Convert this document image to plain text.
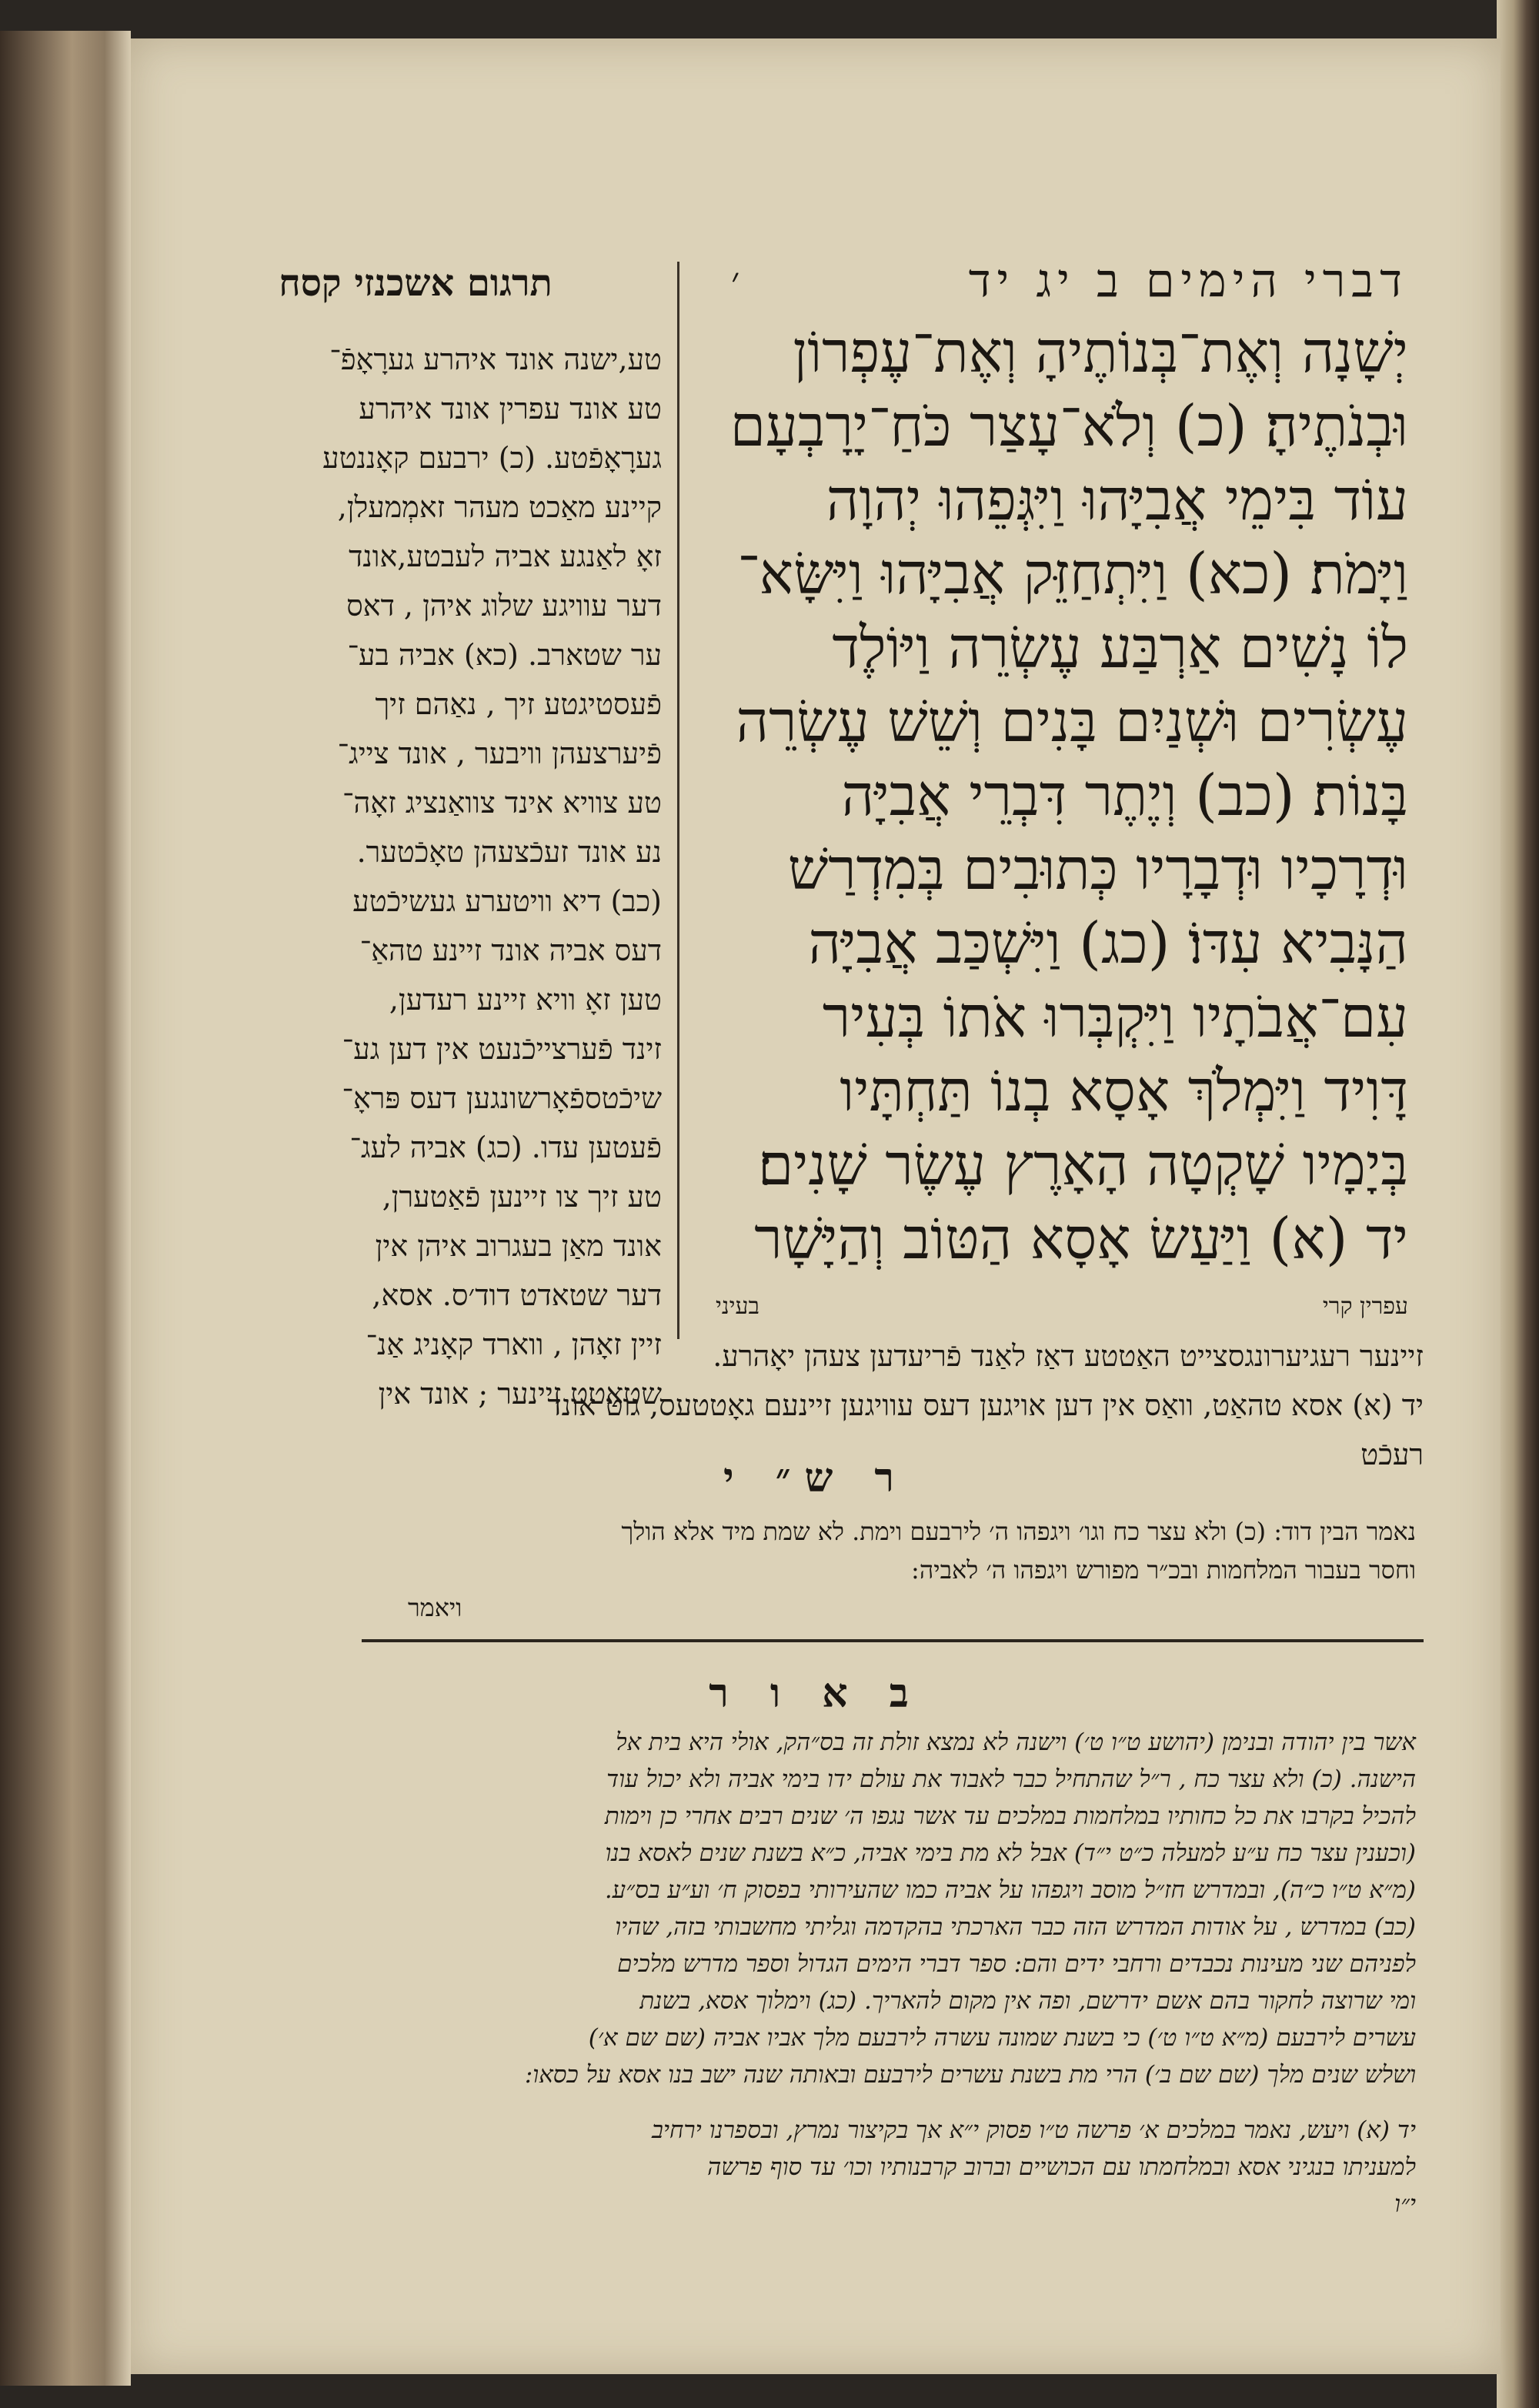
דברי הימים ב יג יד
׳
תרגום אשכנזי קסח
יְשָׁנָה וְאֶת־בְּנוֹתֶיהָ וְאֶת־עֶפְרוֹן
וּבְנֹתֶיהָ׃ (כ) וְלֹא־עָצַר כֹּחַ־יָרָבְעָם
עוֹד בִּימֵי אֲבִיָּהוּ וַיִּגְּפֵהוּ יְהוָה
וַיָּמֹת׃ (כא) וַיִּתְחַזֵּק אֲבִיָּהוּ וַיִּשָּׂא־
לוֹ נָשִׁים אַרְבַּע עֶשְׂרֵה וַיּוֹלֶד
עֶשְׂרִים וּשְׁנַיִם בָּנִים וְשֵׁשׁ עֶשְׂרֵה
בָּנוֹת׃ (כב) וְיֶתֶר דִּבְרֵי אֲבִיָּה
וּדְרָכָיו וּדְבָרָיו כְּתוּבִים בְּמִדְרַשׁ
הַנָּבִיא עִדּוֹ׃ (כג) וַיִּשְׁכַּב אֲבִיָּה
עִם־אֲבֹתָיו וַיִּקְבְּרוּ אֹתוֹ בְּעִיר
דָּוִיד וַיִּמְלֹךְ אָסָא בְנוֹ תַּחְתָּיו
בְּיָמָיו שָׁקְטָה הָאָרֶץ עֶשֶׂר שָׁנִים׃
יד (א) וַיַּעַשׂ אָסָא הַטּוֹב וְהַיָּשָׁר
עפרין קרי
בעיני
טע,ישנה אונד איהרע גערָאָפֿ־
טע אונד עפרין אונד איהרע
גערָאָפֿטע. (כ) ירבעם קאָננטע
קיינע מאַכט מעהר זאמְמעלן,
זאָ לאַנגע אביה לעבטע,אונד
דער עוויגע שלוג איהן , דאס
ער שטארב. (כא) אביה בע־
פֿעסטיגטע זיך , נאַהם זיך
פֿיערצעהן וויבער , אונד צייג־
טע צוויא אינד צוואַנציג זאָה־
נע אונד זעכֿצעהן טאָכֿטער.
(כב) דיא וויטערע געשיכֿטע
דעס אביה אונד זיינע טהאַ־
טען זאָ וויא זיינע רעדען,
זינד פֿערצייכֿנעט אין דען גע־
שיכֿטספֿאָרשונגען דעס פּראָ־
פֿעטען עדו. (כג) אביה לעג־
טע זיך צו זיינען פֿאַטערן,
אונד מאַן בעגרוב איהן אין
דער שטאדט דוד׳ס. אסא,
זיין זאָהן , ווארד קאָניג אַנ־
שטאַטט זיינער ; אונד אין
זיינער רעגיערונגסצייט האַטטע דאַז לאַנד פֿריעדען צעהן יאָהרע.
יד (א) אסא טהאַט, וואַס אין דען אויגען דעס עוויגען זיינעם גאָטטעס, גוט אונד
רעכֿט
ר ש״ י
נאמר הבין דוד: (כ) ולא עצר כח וגו׳ ויגפהו ה׳ לירבעם וימת. לא שמת מיד אלא הולך
וחסר בעבור המלחמות ובכ״ר מפורש ויגפהו ה׳ לאביה:
ויאמר
ב א ו ר
אשר בין יהודה ובנימן (יהושע ט״ו ט׳) וישנה לא נמצא זולת זה בס״הק, אולי היא בית אל
הישנה. (כ) ולא עצר כח , ר״ל שהתחיל כבר לאבוד את עולם ידו בימי אביה ולא יכול עוד
להכיל בקרבו את כל כחותיו במלחמות במלכים עד אשר נגפו ה׳ שנים רבים אחרי כן וימות
(וכענין עצר כח ע״ע למעלה כ״ט י״ד) אבל לא מת בימי אביה, כ״א בשנת שנים לאסא בנו
(מ״א ט״ו כ״ה), ובמדרש חז״ל מוסב ויגפהו על אביה כמו שהעירותי בפסוק ח׳ וע״ע בס״ע.
(כב) במדרש , על אודות המדרש הזה כבר הארכתי בהקדמה וגליתי מחשבותי בזה, שהיו
לפניהם שני מעינות נכבדים ורחבי ידים והם: ספר דברי הימים הגדול וספר מדרש מלכים
ומי שרוצה לחקור בהם אשם ידרשם, ופה אין מקום להאריך. (כג) וימלוך אסא, בשנת
עשרים לירבעם (מ״א ט״ו ט׳) כי בשנת שמונה עשרה לירבעם מלך אביו אביה (שם שם א׳)
ושלש שנים מלך (שם שם ב׳) הרי מת בשנת עשרים לירבעם ובאותה שנה ישב בנו אסא על כסאו:
יד (א) ויעש, נאמר במלכים א׳ פרשה ט״ו פסוק י״א אך בקיצור נמרץ, ובספרנו ירחיב
למעניתו בנגיני אסא ובמלחמתו עם הכושיים וברוב קרבנותיו וכו׳ עד סוף פרשה
י״ו
